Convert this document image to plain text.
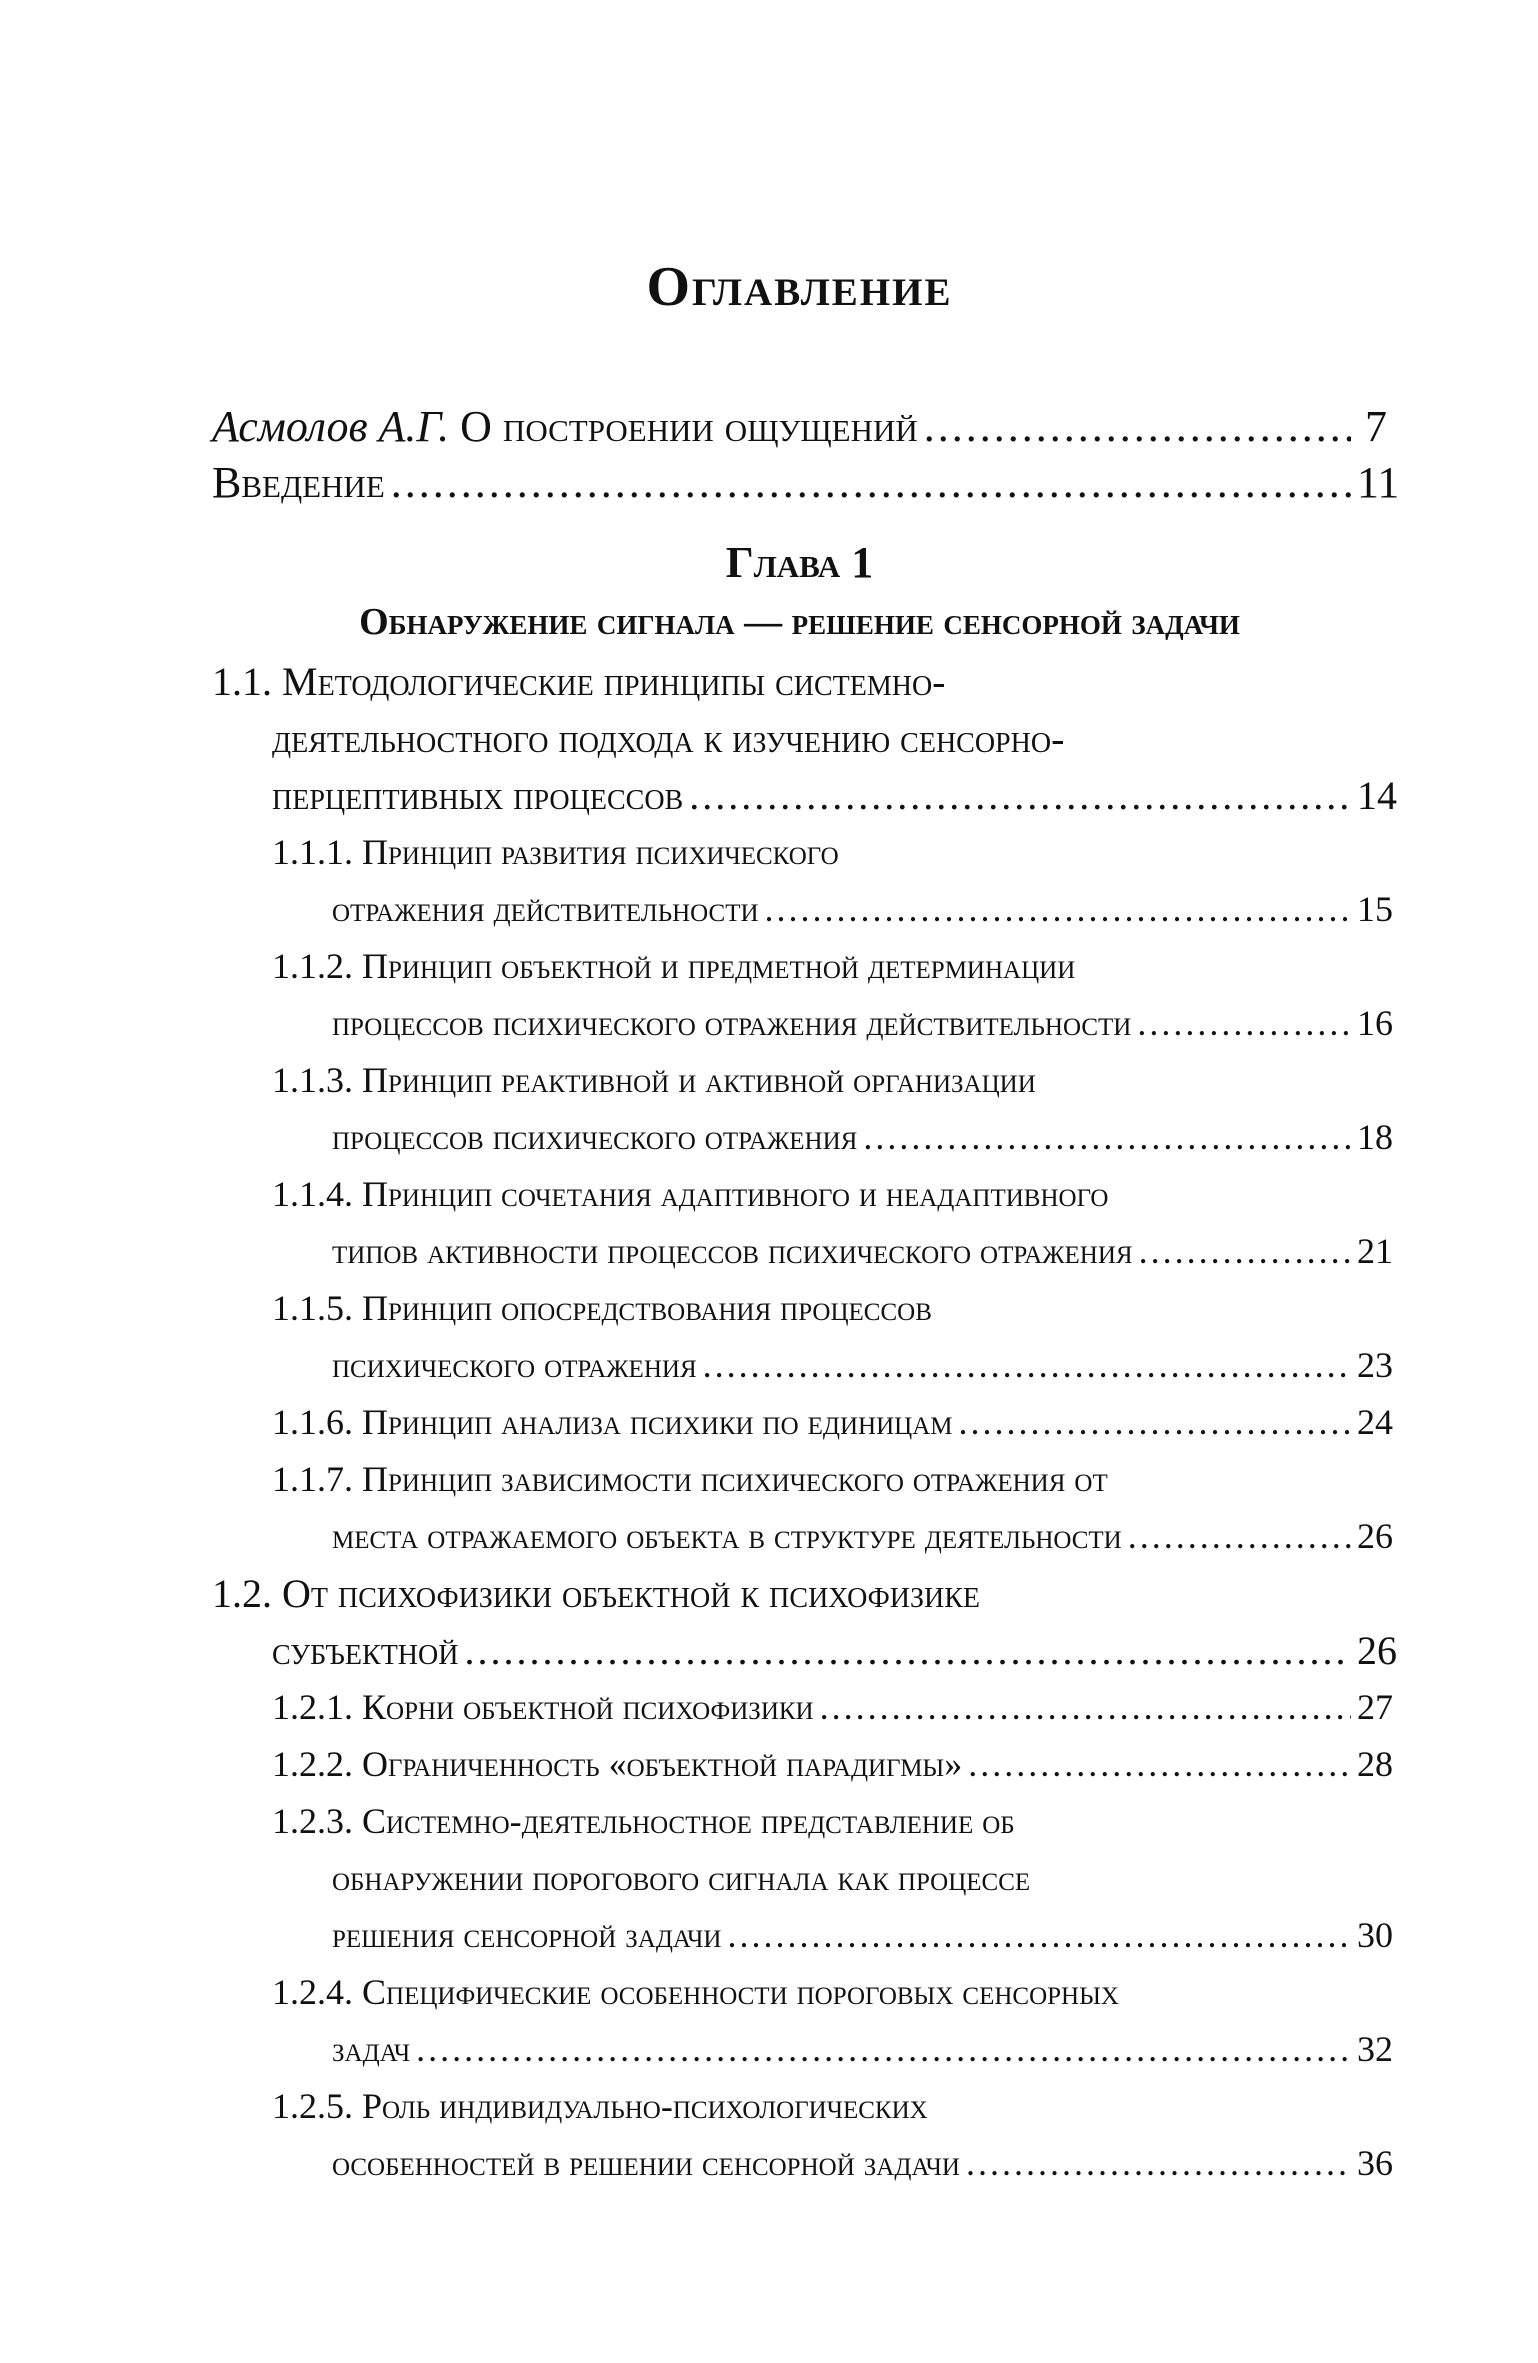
Оглавление
Асмолов А.Г. О построении ощущений .....	7
Введение .....	11
Глава 1
Обнаружение сигнала — решение сенсорной задачи
1.1. Методологические принципы системно-
деятельностного подхода к изучению сенсорно-
перцептивных процессов .....	14
1.1.1. Принцип развития психического
отражения действительности .....	15
1.1.2. Принцип объектной и предметной детерминации
процессов психического отражения действительности .....	16
1.1.3. Принцип реактивной и активной организации
процессов психического отражения .....	18
1.1.4. Принцип сочетания адаптивного и неадаптивного
типов активности процессов психического отражения .....	21
1.1.5. Принцип опосредствования процессов
психического отражения .....	23
1.1.6. Принцип анализа психики по единицам .....	24
1.1.7. Принцип зависимости психического отражения от
места отражаемого объекта в структуре деятельности .....	26
1.2. От психофизики объектной к психофизике
субъектной .....	26
1.2.1. Корни объектной психофизики .....	27
1.2.2. Ограниченность «объектной парадигмы» .....	28
1.2.3. Системно-деятельностное представление об
обнаружении порогового сигнала как процессе
решения сенсорной задачи .....	30
1.2.4. Специфические особенности пороговых сенсорных
задач .....	32
1.2.5. Роль индивидуально-психологических
особенностей в решении сенсорной задачи .....	36
